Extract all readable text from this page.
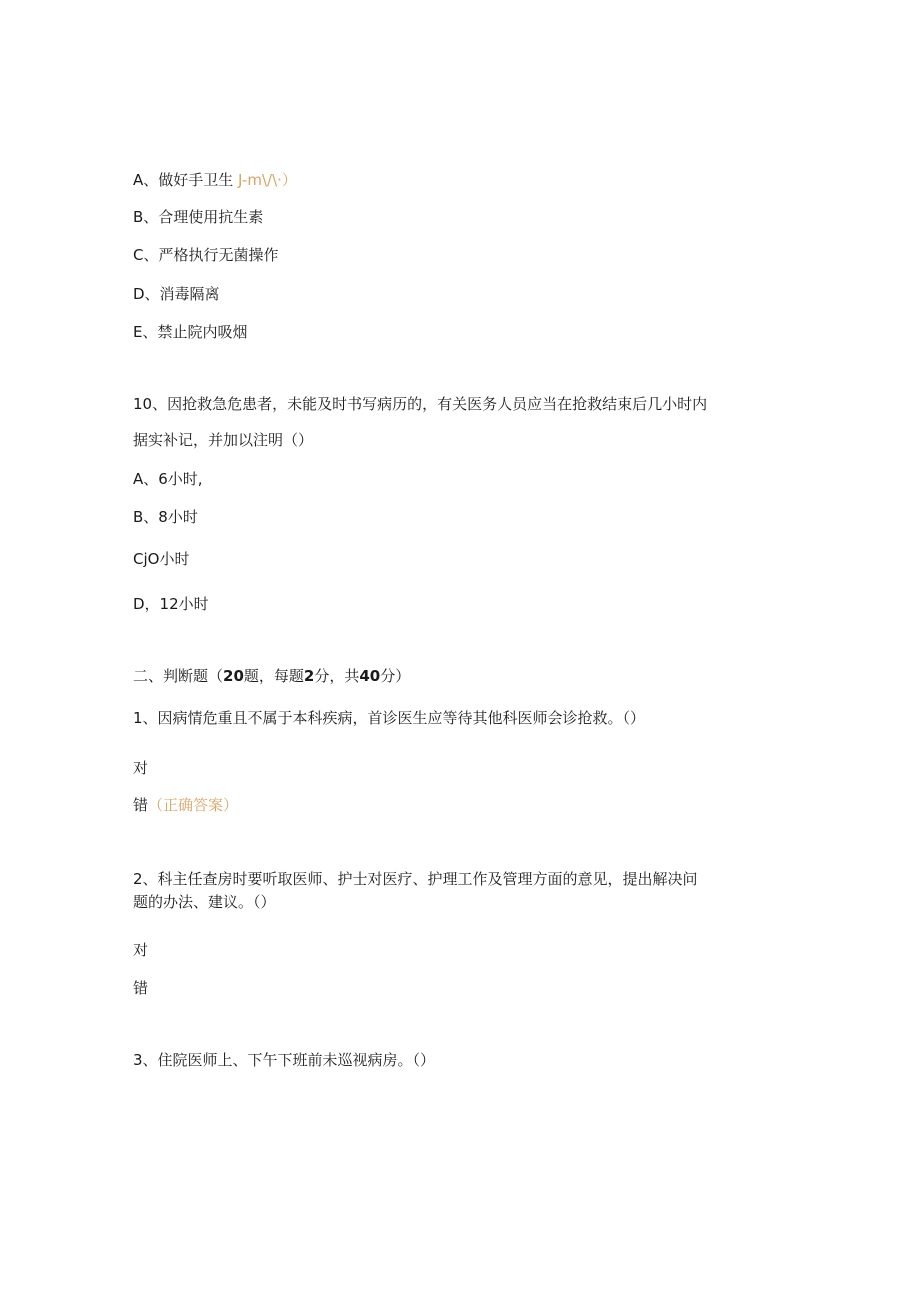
A、做好手卫生 J-m\/\·）
B、合理使用抗生素
C、严格执行无菌操作
D、消毒隔离
E、禁止院内吸烟
10、因抢救急危患者，未能及时书写病历的，有关医务人员应当在抢救结束后几小时内
据实补记，并加以注明（）
A、6小时,
B、8小时
CjO小时
D，12小时
二、判断题（20题，每题2分，共40分）
1、因病情危重且不属于本科疾病，首诊医生应等待其他科医师会诊抢救。（）
对
错（正确答案）
2、科主任查房时要听取医师、护士对医疗、护理工作及管理方面的意见，提出解决问
题的办法、建议。（）
对
错
3、住院医师上、下午下班前未巡视病房。（）
